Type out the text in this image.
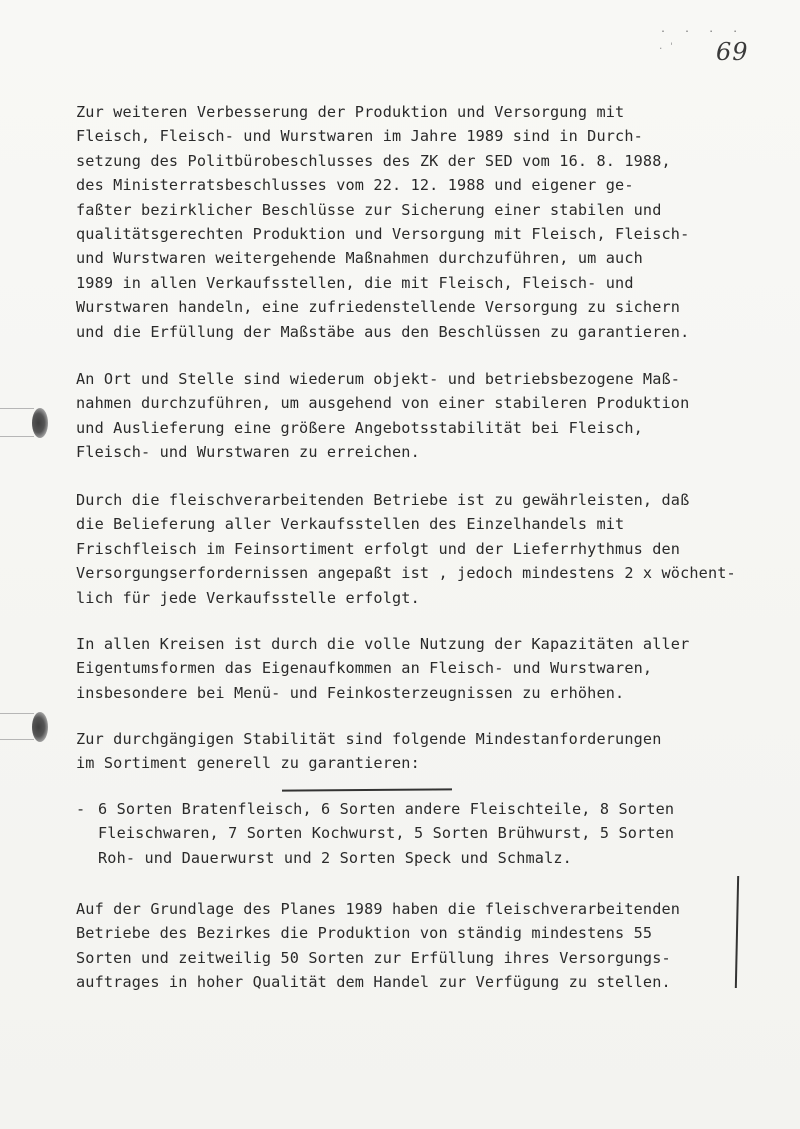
. . . .
. ' 69
Zur weiteren Verbesserung der Produktion und Versorgung mit
Fleisch, Fleisch- und Wurstwaren im Jahre 1989 sind in Durch-
setzung des Politbürobeschlusses des ZK der SED vom 16. 8. 1988,
des Ministerratsbeschlusses vom 22. 12. 1988 und eigener ge-
faßter bezirklicher Beschlüsse zur Sicherung einer stabilen und
qualitätsgerechten Produktion und Versorgung mit Fleisch, Fleisch-
und Wurstwaren weitergehende Maßnahmen durchzuführen, um auch
1989 in allen Verkaufsstellen, die mit Fleisch, Fleisch- und
Wurstwaren handeln, eine zufriedenstellende Versorgung zu sichern
und die Erfüllung der Maßstäbe aus den Beschlüssen zu garantieren.
An Ort und Stelle sind wiederum objekt- und betriebsbezogene Maß-
nahmen durchzuführen, um ausgehend von einer stabileren Produktion
und Auslieferung eine größere Angebotsstabilität bei Fleisch,
Fleisch- und Wurstwaren zu erreichen.
Durch die fleischverarbeitenden Betriebe ist zu gewährleisten, daß
die Belieferung aller Verkaufsstellen des Einzelhandels mit
Frischfleisch im Feinsortiment erfolgt und der Lieferrhythmus den
Versorgungserfordernissen angepaßt ist , jedoch mindestens 2 x wöchent-
lich für jede Verkaufsstelle erfolgt.
In allen Kreisen ist durch die volle Nutzung der Kapazitäten aller
Eigentumsformen das Eigenaufkommen an Fleisch- und Wurstwaren,
insbesondere bei Menü- und Feinkosterzeugnissen zu erhöhen.
Zur durchgängigen Stabilität sind folgende Mindestanforderungen
im Sortiment generell zu garantieren:
- 6 Sorten Bratenfleisch, 6 Sorten andere Fleischteile, 8 Sorten
Fleischwaren, 7 Sorten Kochwurst, 5 Sorten Brühwurst, 5 Sorten
Roh- und Dauerwurst und 2 Sorten Speck und Schmalz.
Auf der Grundlage des Planes 1989 haben die fleischverarbeitenden
Betriebe des Bezirkes die Produktion von ständig mindestens 55
Sorten und zeitweilig 50 Sorten zur Erfüllung ihres Versorgungs-
auftrages in hoher Qualität dem Handel zur Verfügung zu stellen.
